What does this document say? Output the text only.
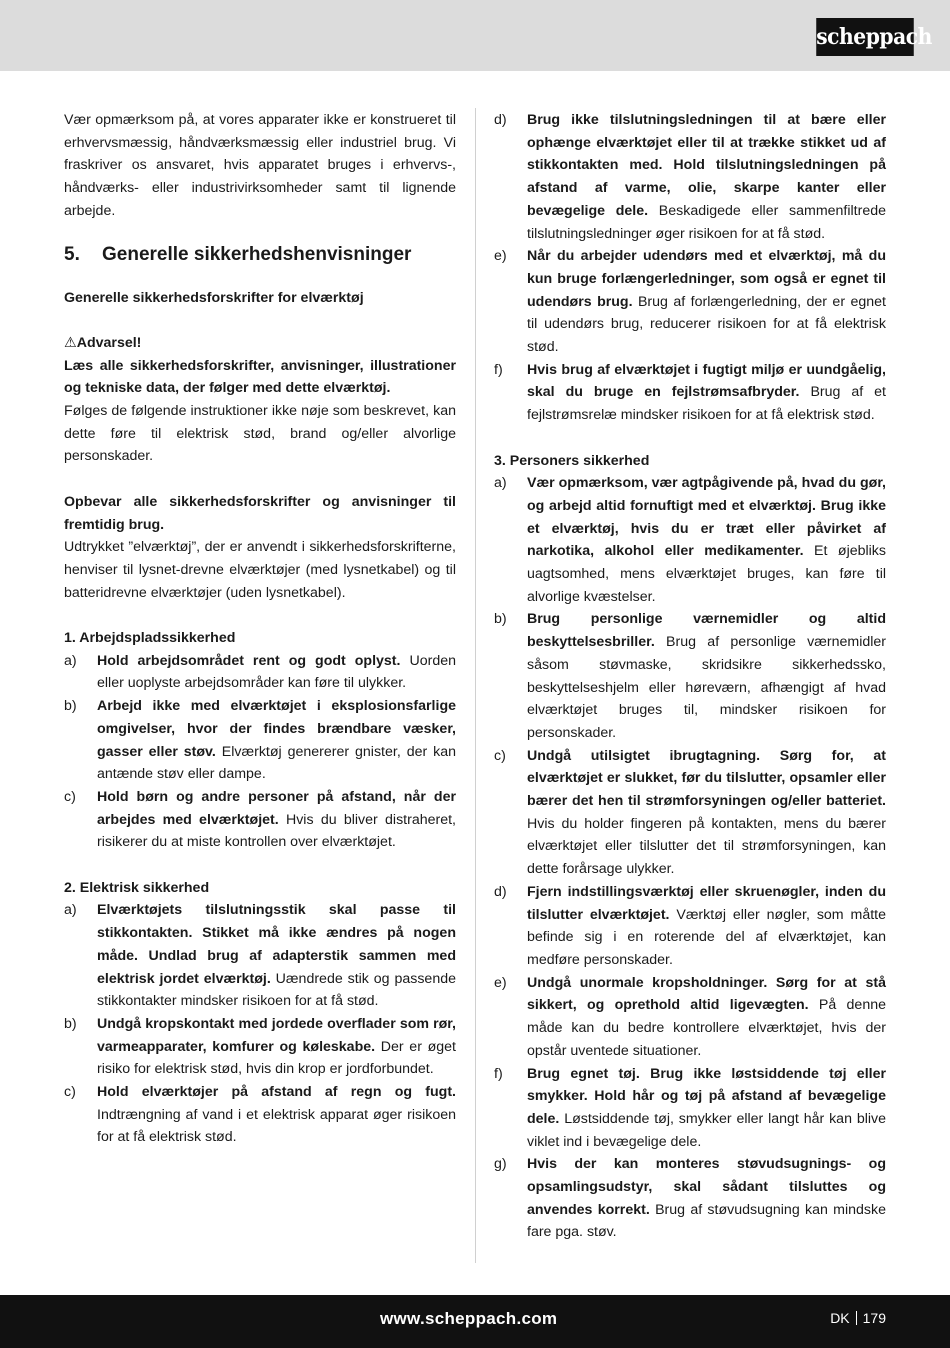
scheppach

Vær opmærksom på, at vores apparater ikke er konstrueret til erhvervsmæssig, håndværksmæssig eller industriel brug. Vi fraskriver os ansvaret, hvis apparatet bruges i erhvervs-, håndværks- eller industrivirksomheder samt til lignende arbejde.

5. Generelle sikkerhedshenvisninger

Generelle sikkerhedsforskrifter for elværktøj

⚠Advarsel!

Læs alle sikkerhedsforskrifter, anvisninger, illustrationer og tekniske data, der følger med dette elværktøj.

Følges de følgende instruktioner ikke nøje som beskrevet, kan dette føre til elektrisk stød, brand og/eller alvorlige personskader.

Opbevar alle sikkerhedsforskrifter og anvisninger til fremtidig brug.

Udtrykket ”elværktøj”, der er anvendt i sikkerhedsforskrifterne, henviser til lysnet-drevne elværktøjer (med lysnetkabel) og til batteridrevne elværktøjer (uden lysnetkabel).

1. Arbejdspladssikkerhed

a)	Hold arbejdsområdet rent og godt oplyst. Uorden eller uoplyste arbejdsområder kan føre til ulykker.
b)	Arbejd ikke med elværktøjet i eksplosionsfarlige omgivelser, hvor der findes brændbare væsker, gasser eller støv. Elværktøj genererer gnister, der kan antænde støv eller dampe.
c)	Hold børn og andre personer på afstand, når der arbejdes med elværktøjet. Hvis du bliver distraheret, risikerer du at miste kontrollen over elværktøjet.

2. Elektrisk sikkerhed

a)	Elværktøjets tilslutningsstik skal passe til stikkontakten. Stikket må ikke ændres på nogen måde. Undlad brug af adapterstik sammen med elektrisk jordet elværktøj. Uændrede stik og passende stikkontakter mindsker risikoen for at få stød.
b)	Undgå kropskontakt med jordede overflader som rør, varmeapparater, komfurer og køleskabe. Der er øget risiko for elektrisk stød, hvis din krop er jordforbundet.
c)	Hold elværktøjer på afstand af regn og fugt. Indtrængning af vand i et elektrisk apparat øger risikoen for at få elektrisk stød.
d)	Brug ikke tilslutningsledningen til at bære eller ophænge elværktøjet eller til at trække stikket ud af stikkontakten med. Hold tilslutningsledningen på afstand af varme, olie, skarpe kanter eller bevægelige dele. Beskadigede eller sammenfiltrede tilslutningsledninger øger risikoen for at få stød.
e)	Når du arbejder udendørs med et elværktøj, må du kun bruge forlængerledninger, som også er egnet til udendørs brug. Brug af forlængerledning, der er egnet til udendørs brug, reducerer risikoen for at få elektrisk stød.
f)	Hvis brug af elværktøjet i fugtigt miljø er uundgåelig, skal du bruge en fejlstrømsafbryder. Brug af et fejlstrømsrelæ mindsker risikoen for at få elektrisk stød.

3. Personers sikkerhed

a)	Vær opmærksom, vær agtpågivende på, hvad du gør, og arbejd altid fornuftigt med et elværktøj. Brug ikke et elværktøj, hvis du er træt eller påvirket af narkotika, alkohol eller medikamenter. Et øjebliks uagtsomhed, mens elværktøjet bruges, kan føre til alvorlige kvæstelser.
b)	Brug personlige værnemidler og altid beskyttelsesbriller. Brug af personlige værnemidler såsom støvmaske, skridsikre sikkerhedssko, beskyttelseshjelm eller høreværn, afhængigt af hvad elværktøjet bruges til, mindsker risikoen for personskader.
c)	Undgå utilsigtet ibrugtagning. Sørg for, at elværktøjet er slukket, før du tilslutter, opsamler eller bærer det hen til strømforsyningen og/eller batteriet. Hvis du holder fingeren på kontakten, mens du bærer elværktøjet eller tilslutter det til strømforsyningen, kan dette forårsage ulykker.
d)	Fjern indstillingsværktøj eller skruenøgler, inden du tilslutter elværktøjet. Værktøj eller nøgler, som måtte befinde sig i en roterende del af elværktøjet, kan medføre personskader.
e)	Undgå unormale kropsholdninger. Sørg for at stå sikkert, og oprethold altid ligevægten. På denne måde kan du bedre kontrollere elværktøjet, hvis der opstår uventede situationer.
f)	Brug egnet tøj. Brug ikke løstsiddende tøj eller smykker. Hold hår og tøj på afstand af bevægelige dele. Løstsiddende tøj, smykker eller langt hår kan blive viklet ind i bevægelige dele.
g)	Hvis der kan monteres støvudsugnings- og opsamlingsudstyr, skal sådant tilsluttes og anvendes korrekt. Brug af støvudsugning kan mindske fare pga. støv.
www.scheppach.com	DK 179
